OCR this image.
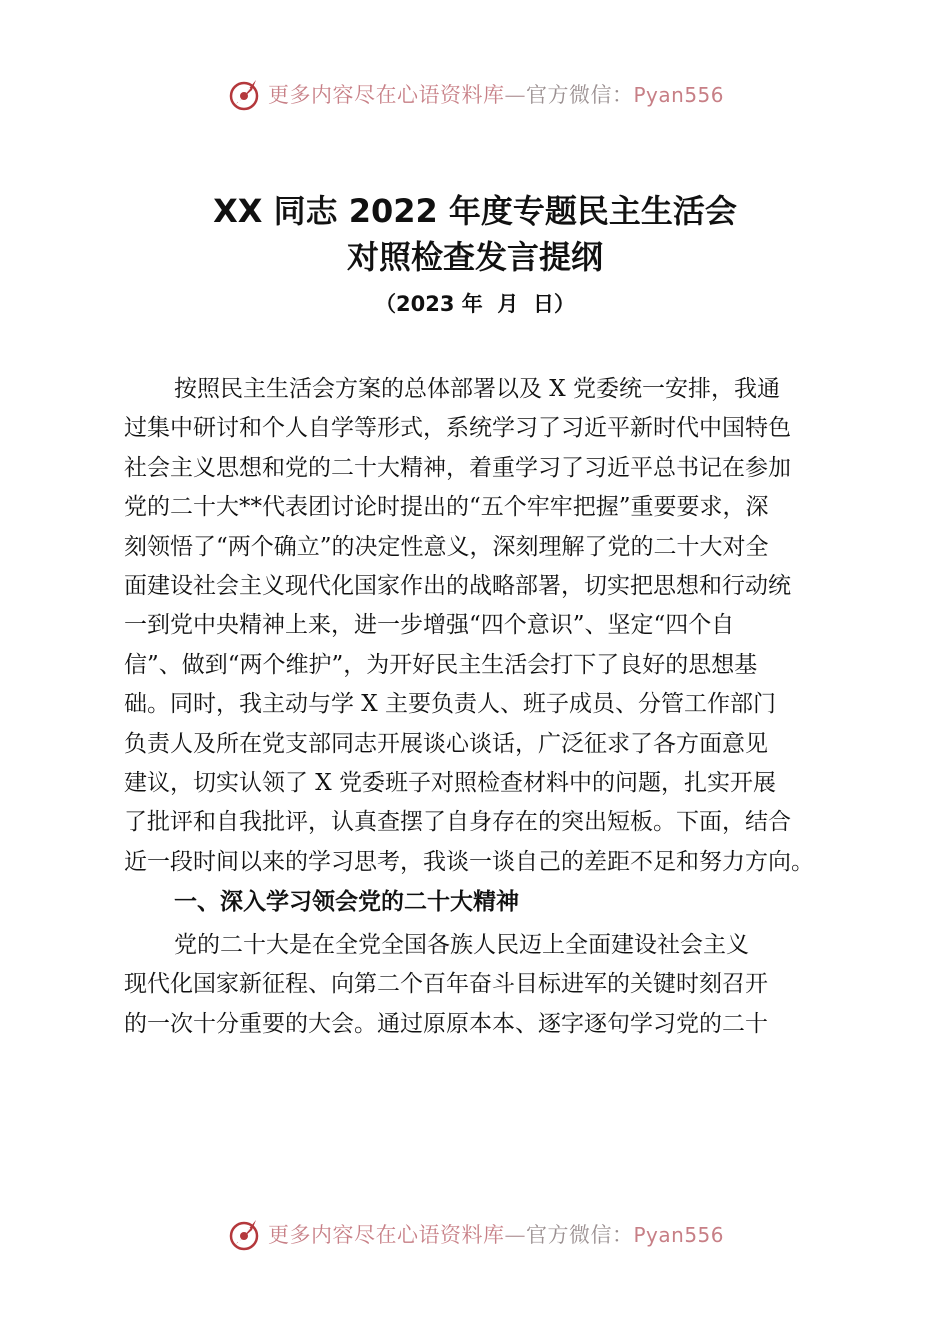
更多内容尽在心语资料库—官方微信：Pyan556
XX 同志 2022 年度专题民主生活会
对照检查发言提纲
（2023 年  月  日）
按照民主生活会方案的总体部署以及 X 党委统一安排，我通
过集中研讨和个人自学等形式，系统学习了习近平新时代中国特色
社会主义思想和党的二十大精神，着重学习了习近平总书记在参加
党的二十大**代表团讨论时提出的“五个牢牢把握”重要要求，深
刻领悟了“两个确立”的决定性意义，深刻理解了党的二十大对全
面建设社会主义现代化国家作出的战略部署，切实把思想和行动统
一到党中央精神上来，进一步增强“四个意识”、坚定“四个自
信”、做到“两个维护”，为开好民主生活会打下了良好的思想基
础。同时，我主动与学 X 主要负责人、班子成员、分管工作部门
负责人及所在党支部同志开展谈心谈话，广泛征求了各方面意见
建议，切实认领了 X 党委班子对照检查材料中的问题，扎实开展
了批评和自我批评，认真查摆了自身存在的突出短板。下面，结合
近一段时间以来的学习思考，我谈一谈自己的差距不足和努力方向。
一、深入学习领会党的二十大精神
党的二十大是在全党全国各族人民迈上全面建设社会主义
现代化国家新征程、向第二个百年奋斗目标进军的关键时刻召开
的一次十分重要的大会。通过原原本本、逐字逐句学习党的二十
更多内容尽在心语资料库—官方微信：Pyan556
